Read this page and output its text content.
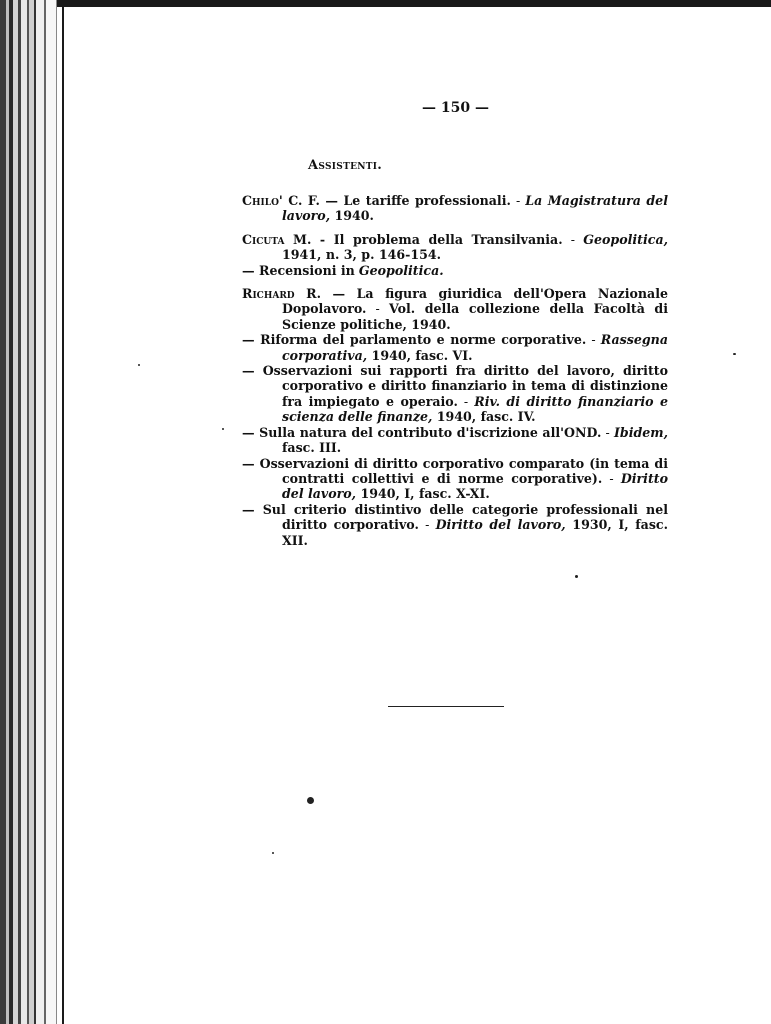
— 150 —
Assistenti.
Chilo' C. F. — Le tariffe professionali. - La Magistratura del lavoro, 1940.
Cicuta M. - Il problema della Transilvania. - Geopolitica, 1941, n. 3, p. 146-154.
— Recensioni in Geopolitica.
Richard R. — La figura giuridica dell'Opera Nazionale Dopolavoro. - Vol. della collezione della Facoltà di Scienze politiche, 1940.
— Riforma del parlamento e norme corporative. - Rassegna corporativa, 1940, fasc. VI.
— Osservazioni sui rapporti fra diritto del lavoro, diritto corporativo e diritto finanziario in tema di distinzione fra impiegato e operaio. - Riv. di diritto finanziario e scienza delle finanze, 1940, fasc. IV.
— Sulla natura del contributo d'iscrizione all'OND. - Ibidem, fasc. III.
— Osservazioni di diritto corporativo comparato (in tema di contratti collettivi e di norme corporative). - Diritto del lavoro, 1940, I, fasc. X-XI.
— Sul criterio distintivo delle categorie professionali nel diritto corporativo. - Diritto del lavoro, 1930, I, fasc. XII.
